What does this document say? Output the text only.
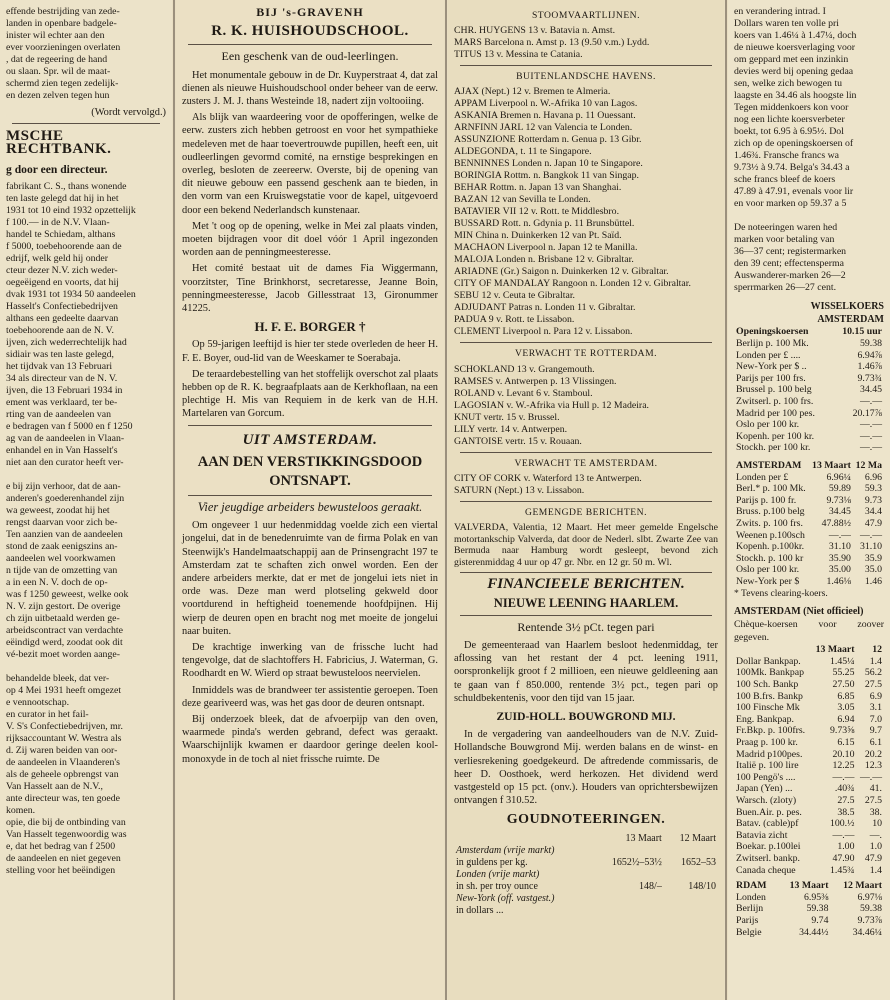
effende bestrijding van zede-
landen in openbare badgele-
inister wil echter aan den
ever voorzieningen overlaten
, dat de regeering de hand
ou slaan. Spr. wil de maat-
schermd zien tegen zedelijk-
en dezen zelven tegen hun
(Wordt vervolgd.)
MSCHE RECHTBANK.
g door een directeur.
fabrikant C. S., thans wonende
ten laste gelegd dat hij in het
1931 tot 10 eind 1932 opzettelijk
f 100.— in de N.V. Vlaan-
handel te Schiedam, althans
f 5000, toebehoorende aan de
edrijf, welk geld hij onder
cteur dezer N.V. zich weder-
oegeëigend en voorts, dat hij
dvak 1931 tot 1934 50 aandeelen
Hasselt's Confectiebedrijven
althans een gedeelte daarvan
toebehoorende aan de N. V.
ijven, zich wederrechtelijk had
sidiair was ten laste gelegd,
het tijdvak van 13 Februari
34 als directeur van de N. V.
ijven, die 13 Februari 1934 in
ement was verklaard, ter be-
rting van de aandeelen van
e bedragen van f 5000 en f 1250
ag van de aandeelen in Vlaan-
enhandel en in Van Hasselt's
niet aan den curator heeft ver-
e bij zijn verhoor, dat de aan-
anderen's goederenhandel zijn
wa geweest, zoodat hij het
rengst daarvan voor zich be-
Ten aanzien van de aandeelen
stond de zaak eenigszins an-
aandeelen wel voorkwamen
n tijde van de omzetting van
a in een N. V. doch de op-
was f 1250 geweest, welke ook
N. V. zijn gestort. De overige
ch zijn uitbetaald werden ge-
arbeidscontract van verdachte
eëindigd werd, zoodat ook dit
vé-bezit moet worden aange-
behandelde bleek, dat ver-
op 4 Mei 1931 heeft omgezet
e vennootschap.
en curator in het fail-
V. S's Confectiebedrijven, mr.
rijksaccountant W. Westra als
d. Zij waren beiden van oor-
de aandeelen in Vlaanderen's
als de geheele opbrengst van
Van Hasselt aan de N.V.,
ante directeur was, ten goede
komen.
opie, die bij de ontbinding van
Van Hasselt tegenwoordig was
e, dat het bedrag van f 2500
de aandeelen en niet gegeven
stelling voor het beëindigen
BIJ 's-GRAVENH
R. K. HUISHOUDSCHOOL.
Een geschenk van de oud-leerlingen.

Het monumentale gebouw in de Dr. Kuyperstraat 4, dat zal dienen als nieuwe Huishoudschool onder beheer van de eerw. zusters J. M. J. thans Westeinde 18, nadert zijn voltooiing.

Als blijk van waardeering voor de opofferingen, welke de eerw. zusters zich hebben getroost en voor het sympathieke medeleven met de haar toevertrouwde pupillen, heeft een, uit oudleerlingen gevormd comité, na ernstige besprekingen en overleg, besloten de zeereerw. Overste, bij de opening van dit nieuwe gebouw een passend geschenk aan te bieden, in den vorm van een Kruiswegstatie voor de kapel, uitgevoerd door een bekend Nederlandsch kunstenaar.

Met 't oog op de opening, welke in Mei zal plaats vinden, moeten bijdragen voor dit doel vóór 1 April ingezonden worden aan de penningmeesteresse.

Het comité bestaat uit de dames Fia Wiggermann, voorzitster, Tine Brinkhorst, secretaresse, Jeanne Boin, penningmeesteresse, Jacob Gillesstraat 13, Gironummer 41225.

H. F. E. BORGER †

Op 59-jarigen leeftijd is hier ter stede overleden de heer H. F. E. Boyer, oud-lid van de Weeskamer te Soerabaja.

De teraardebestelling van het stoffelijk overschot zal plaats hebben op de R. K. begraafplaats aan de Kerkhoflaan, na een plechtige H. Mis van Requiem in de kerk van de H.H. Martelaren van Gorcum.

UIT AMSTERDAM.
AAN DEN VERSTIKKINGSDOOD ONTSNAPT.
Vier jeugdige arbeiders bewusteloos geraakt.

Om ongeveer 1 uur hedenmiddag voelde zich een viertal jongelui, dat in de benedenruimte van de firma Polak en van Steenwijk's Handelmaatschappij aan de Prinsengracht 197 te Amsterdam zat te schaften zich onwel worden. Een der andere arbeiders merkte, dat er met de jongelui iets niet in orde was. Deze man werd plotseling gekweld door voortdurend in heftigheid toenemende hoofdpijnen. Hij wierp de deuren open en bracht nog met moeite de jongelui naar buiten.

De krachtige inwerking van de frissche lucht had tengevolge, dat de slachtoffers H. Fabricius, J. Waterman, G. Roodhardt en W. Wierd op straat bewusteloos neervielen.

Inmiddels was de brandweer ter assistentie geroepen. Toen deze geariveerd was, was het gas door de deuren ontsnapt.

Bij onderzoek bleek, dat de afvoerpijp van den oven, waarmede pinda's werden gebrand, defect was geraakt. Waarschijnlijk kwamen er daardoor geringe deelen kool-monoxyde in de toch al niet frissche ruimte. De

STOOMVAARTLIJNEN.
CHR. HUYGENS 13 v. Batavia n. Amst.
MARS Barcelona n. Amst p. 13 (9.50 v.m.) Lydd.
TITUS 13 v. Messina te Catania.
BUITENLANDSCHE HAVENS.
AJAX (Nept.) 12 v. Bremen te Almeria.
APPAM Liverpool n. W.-Afrika 10 van Lagos.
ASKANIA Bremen n. Havana p. 11 Ouessant.
ARNFINN JARL 12 van Valencia te Londen.
ASSUNZIONE Rotterdam n. Genua p. 13 Gibr.
ALDEGONDA, t. 11 te Singapore.
BENNINNES Londen n. Japan 10 te Singapore.
BORINGIA Rottm. n. Bangkok 11 van Singap.
BEHAR Rottm. n. Japan 13 van Shanghai.
BAZAN 12 van Sevilla te Londen.
BATAVIER VII 12 v. Rott. te Middlesbro.
BUSSARD Rott. n. Gdynia p. 11 Brunsbüttel.
MIN China n. Duinkerken 12 van Pt. Saïd.
MACHAON Liverpool n. Japan 12 te Manilla.
MALOJA Londen n. Brisbane 12 v. Gibraltar.
ARIADNE (Gr.) Saigon n. Duinkerken 12 v. Gibraltar.
CITY OF MANDALAY Rangoon n. Londen 12 v. Gibraltar.
SEBU 12 v. Ceuta te Gibraltar.
ADJUDANT Patras n. Londen 11 v. Gibraltar.
PADUA 9 v. Rott. te Lissabon.
CLEMENT Liverpool n. Para 12 v. Lissabon.
VERWACHT TE ROTTERDAM.
SCHOKLAND 13 v. Grangemouth.
RAMSES v. Antwerpen p. 13 Vlissingen.
ROLAND v. Levant 6 v. Stamboul.
LAGOSIAN v. W.-Afrika via Hull p. 12 Madeira.
KNUT vertr. 15 v. Brussel.
LILY vertr. 14 v. Antwerpen.
GANTOISE vertr. 15 v. Rouaan.
VERWACHT TE AMSTERDAM.
CITY OF CORK v. Waterford 13 te Antwerpen.
SATURN (Nept.) 13 v. Lissabon.
GEMENGDE BERICHTEN.
VALVERDA, Valentia, 12 Maart. Het meer gemelde Engelsche motortankschip Valverda, dat door de Nederl. slbt. Zwarte Zee van Bermuda naar Hamburg wordt gesleept, bevond zich gisterenmiddag 4 uur op 47 gr. Nbr. en 12 gr. 50 m. Wl.
FINANCIEELE BERICHTEN.
NIEUWE LEENING HAARLEM.
Rentende 3½ pCt. tegen pari

De gemeenteraad van Haarlem besloot hedenmiddag, ter aflossing van het restant der 4 pct. leening 1911, oorspronkelijk groot f 2 millioen, een nieuwe geldleening aan te gaan van f 850.000, rentende 3½ pct., tegen pari op schuldbekentenis, voor den tijd van 15 jaar.

ZUID-HOLL. BOUWGROND MIJ.

In de vergadering van aandeelhouders van de N.V. Zuid-Hollandsche Bouwgrond Mij. werden balans en de winst- en verliesrekening goedgekeurd. De aftredende commissaris, de heer D. Oosthoek, werd herkozen. Het dividend werd vastgesteld op 15 pct. (onv.). Houders van oprichtersbewijzen ontvangen f 310.52.

GOUDNOTEERINGEN.
	13 Maart	12 Maart

Amsterdam (vrije markt)
in guldens per kg.	1652½–53½	1652–53

Londen (vrije markt)
in sh. per troy ounce	148/–	148/10

New-York (off. vastgest.)
in dollars ...		

en verandering intrad. I
Dollars waren ten volle pri
koers van 1.46¼ à 1.47¼, doch
de nieuwe koersverlaging voor
om geppard met een inzinkin
devies werd bij opening gedaa
sen, welke zich bewogen tu
laagste en 34.46 als hoogste lin
Tegen middenkoers kon voor
nog een lichte koersverbeter
boekt, tot 6.95 à 6.95½. Dol
zich op de openingskoersen of
1.46¾. Fransche francs wa
9.73½ à 9.74. Belga's 34.43 a
sche francs bleef de koers
47.89 à 47.91, evenals voor lir
en voor marken op 59.37 a 5
De noteeringen waren hed
marken voor betaling van
36—37 cent; registermarken
den 39 cent; effectensperma
Auswanderer-marken 26—2
sperrmarken 26—27 cent.
WISSELKOERS
AMSTERDAM
Openingskoersen	10.15 uur
Berlijn p. 100 Mk.	59.38
Londen per £ ....	6.94⅞
New-York per $ ..	1.46⅞
Parijs per 100 frs.	9.73¾
Brussel p. 100 belg	34.45
Zwitserl. p. 100 frs.	—.—
Madrid per 100 pes.	20.17⅞
Oslo per 100 kr.	—.—
Kopenh. per 100 kr.	—.—
Stockh. per 100 kr.	—.—
AMSTERDAM	13 Maart	12 Ma
Londen per £	6.96¼	6.96
Berl.* p. 100 Mk.	59.89	59.3
Parijs p. 100 fr.	9.73⅛	9.73
Bruss. p.100 belg	34.45	34.4
Zwits. p. 100 frs.	47.88½	47.9
Weenen p.100sch	—.—	—.—
Kopenh. p.100kr.	31.10	31.10
Stockh. p. 100 kr	35.90	35.9
Oslo per 100 kr.	35.00	35.0
New-York per $	1.46⅛	1.46
* Tevens clearing-koers.
AMSTERDAM (Niet officieel)
Chèque-koersen voor zoover gegeven.
	13 Maart	12
Dollar Bankpap.	1.45¼	1.4
100Mk. Bankpap	55.25	56.2
100 Sch. Bankp	27.50	27.5
100 B.frs. Bankp	6.85	6.9
100 Finsche Mk	3.05	3.1
Eng. Bankpap.	6.94	7.0
Fr.Bkp. p. 100frs.	9.73⅝	9.7
Praag p. 100 kr.	6.15	6.1
Madrid p100pes.	20.10	20.2
Italië p. 100 lire	12.25	12.3
100 Pengö's ....	—.—	—.—
Japan (Yen) ...	.40¾	41.
Warsch. (zloty)	27.5	27.5
Buen.Air. p. pes.	38.5	38.
Batav. (cable)pf	100.½	10
Batavia zicht	—.—	—.
Boekar. p.100lei	1.00	1.0
Zwitserl. bankp.	47.90	47.9
Canada cheque	1.45¾	1.4
RDAM	13 Maart	12 Maart
Londen	6.95⅜	6.97⅛
Berlijn	59.38	59.38
Parijs	9.74	9.73⅞
Belgie	34.44½	34.46¼
